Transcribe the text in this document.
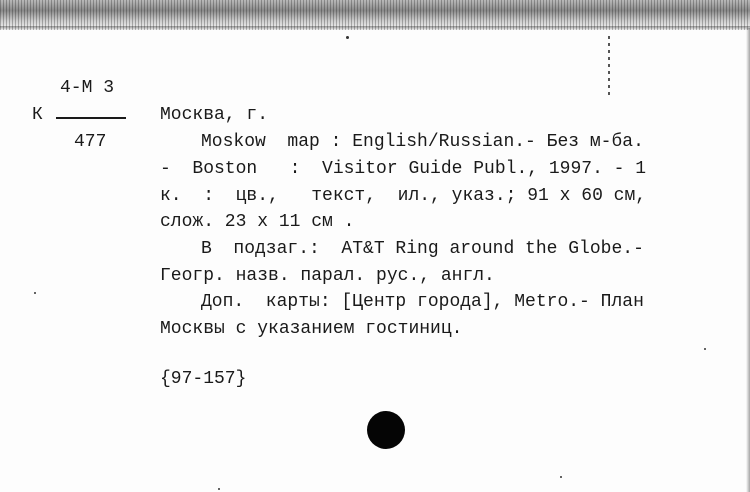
4-М 3
К
477
Москва, г.
Moskow  map : English/Russian.- Без м-ба.
-  Boston   :  Visitor Guide Publ., 1997. - 1
к.  :  цв.,   текст,  ил., указ.; 91 х 60 см,
слож. 23 х 11 см .
В  подзаг.:  AT&T Ring around the Globe.-
Геогр. назв. парал. рус., англ.
Доп.  карты: [Центр города], Metro.- План
Москвы с указанием гостиниц.
{97-157}
